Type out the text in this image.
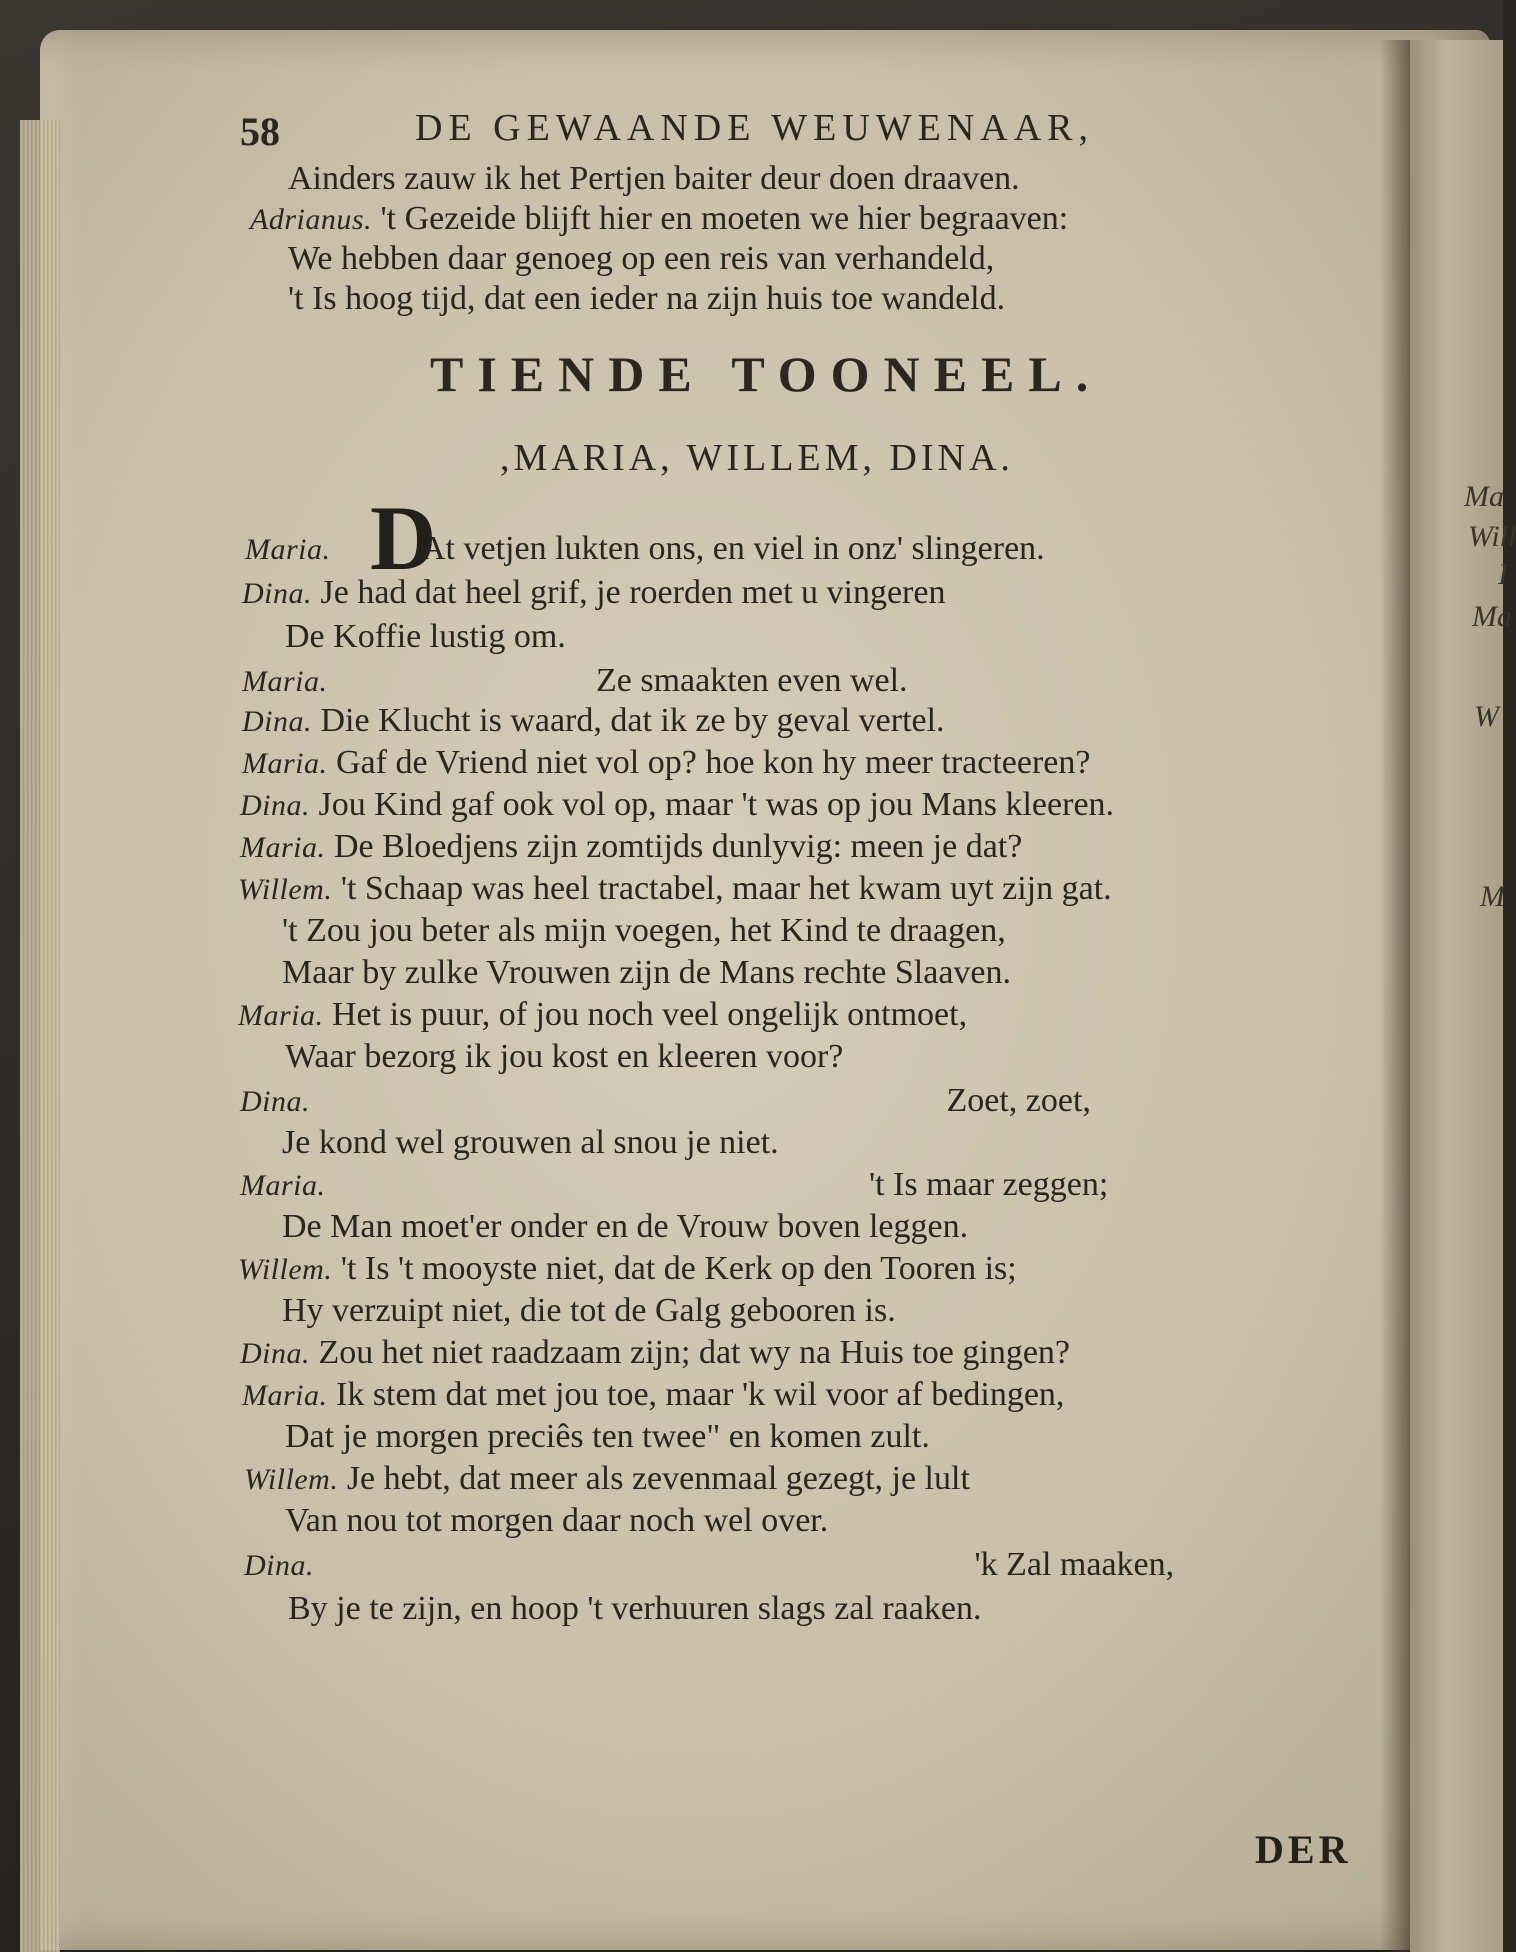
Ma
Will
I
Ma
W
M
58	DE GEWAANDE WEUWENAAR,
Ainders zauw ik het Pertjen baiter deur doen draaven.
Adrianus. 't Gezeide blijft hier en moeten we hier begraaven:
We hebben daar genoeg op een reis van verhandeld,
't Is hoog tijd, dat een ieder na zijn huis toe wandeld.
TIENDE TOONEEL.
,MARIA, WILLEM, DINA.
D
Maria.	At vetjen lukten ons, en viel in onz' slingeren.
Dina. Je had dat heel grif, je roerden met u vingeren
De Koffie lustig om.
Maria.	Ze smaakten even wel.
Dina. Die Klucht is waard, dat ik ze by geval vertel.
Maria. Gaf de Vriend niet vol op? hoe kon hy meer tracteeren?
Dina. Jou Kind gaf ook vol op, maar 't was op jou Mans kleeren.
Maria. De Bloedjens zijn zomtijds dunlyvig: meen je dat?
Willem. 't Schaap was heel tractabel, maar het kwam uyt zijn gat.
't Zou jou beter als mijn voegen, het Kind te draagen,
Maar by zulke Vrouwen zijn de Mans rechte Slaaven.
Maria. Het is puur, of jou noch veel ongelijk ontmoet,
Waar bezorg ik jou kost en kleeren voor?
Dina.	Zoet, zoet,
Je kond wel grouwen al snou je niet.
Maria.	't Is maar zeggen;
De Man moet'er onder en de Vrouw boven leggen.
Willem. 't Is 't mooyste niet, dat de Kerk op den Tooren is;
Hy verzuipt niet, die tot de Galg gebooren is.
Dina. Zou het niet raadzaam zijn; dat wy na Huis toe gingen?
Maria. Ik stem dat met jou toe, maar 'k wil voor af bedingen,
Dat je morgen preciês ten twee" en komen zult.
Willem. Je hebt, dat meer als zevenmaal gezegt, je lult
Van nou tot morgen daar noch wel over.
Dina.	'k Zal maaken,
By je te zijn, en hoop 't verhuuren slags zal raaken.
DER
